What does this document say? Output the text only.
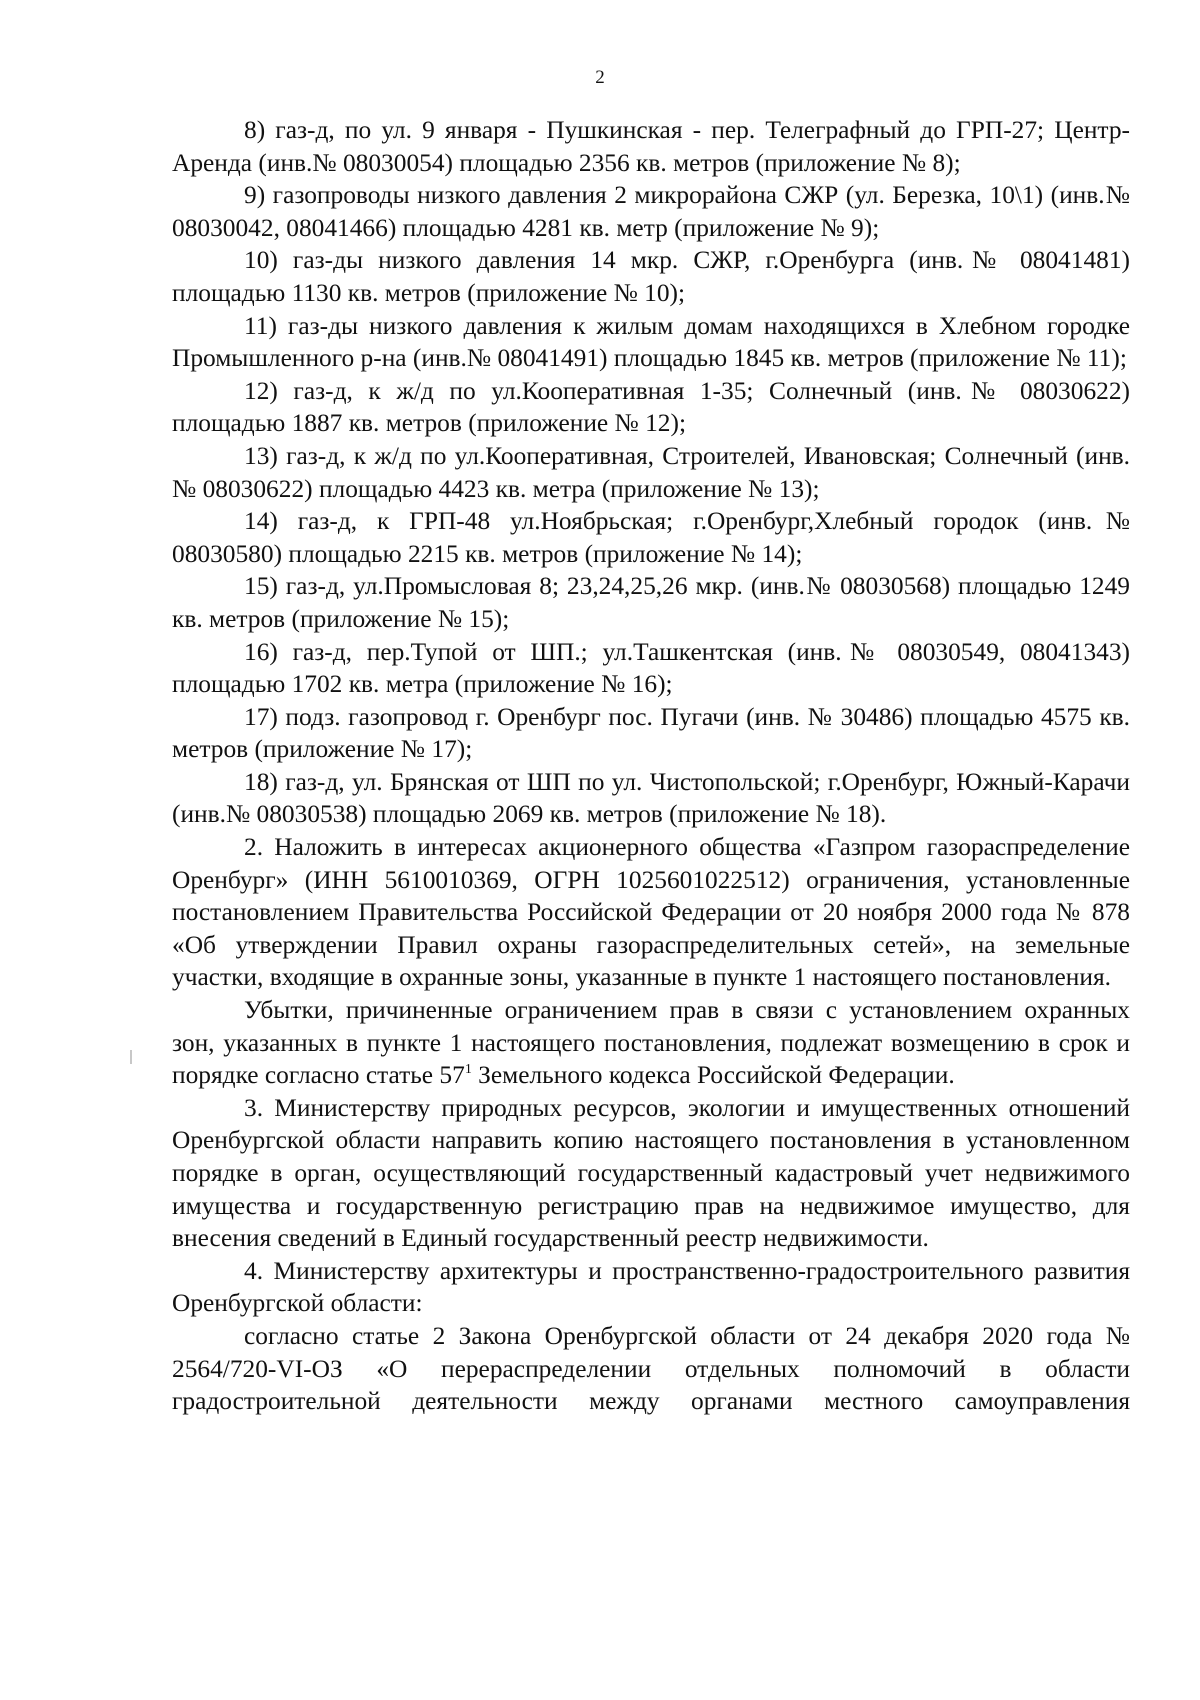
2

8) газ-д, по ул. 9 января - Пушкинская - пер. Телеграфный до ГРП-27; Центр-Аренда (инв.№ 08030054) площадью 2356 кв. метров (приложение № 8);

9) газопроводы низкого давления 2 микрорайона СЖР (ул. Березка, 10\1) (инв.№ 08030042, 08041466) площадью 4281 кв. метр (приложение № 9);

10) газ-ды низкого давления 14 мкр. СЖР, г.Оренбурга (инв.№ 08041481) площадью 1130 кв. метров (приложение № 10);

11) газ-ды низкого давления к жилым домам находящихся в Хлебном городке Промышленного р-на (инв.№ 08041491) площадью 1845 кв. метров (приложение № 11);

12) газ-д, к ж/д по ул.Кооперативная 1-35; Солнечный (инв.№ 08030622) площадью 1887 кв. метров (приложение № 12);

13) газ-д, к ж/д по ул.Кооперативная, Строителей, Ивановская; Солнечный (инв.№ 08030622) площадью 4423 кв. метра (приложение № 13);

14) газ-д, к ГРП-48 ул.Ноябрьская; г.Оренбург,Хлебный городок (инв.№ 08030580) площадью 2215 кв. метров (приложение № 14);

15) газ-д, ул.Промысловая 8; 23,24,25,26 мкр. (инв.№ 08030568) площадью 1249 кв. метров (приложение № 15);

16) газ-д, пер.Тупой от ШП.; ул.Ташкентская (инв.№ 08030549, 08041343) площадью 1702 кв. метра (приложение № 16);

17) подз. газопровод г. Оренбург пос. Пугачи (инв. № 30486) площадью 4575 кв. метров (приложение № 17);

18) газ-д, ул. Брянская от ШП по ул. Чистопольской; г.Оренбург, Южный-Карачи (инв.№ 08030538) площадью 2069 кв. метров (приложение № 18).

2. Наложить в интересах акционерного общества «Газпром газораспределение Оренбург» (ИНН 5610010369, ОГРН 1025601022512) ограничения, установленные постановлением Правительства Российской Федерации от 20 ноября 2000 года № 878 «Об утверждении Правил охраны газораспределительных сетей», на земельные участки, входящие в охранные зоны, указанные в пункте 1 настоящего постановления.

Убытки, причиненные ограничением прав в связи с установлением охранных зон, указанных в пункте 1 настоящего постановления, подлежат возмещению в срок и порядке согласно статье $57^1$ Земельного кодекса Российской Федерации.

3. Министерству природных ресурсов, экологии и имущественных отношений Оренбургской области направить копию настоящего постановления в установленном порядке в орган, осуществляющий государственный кадастровый учет недвижимого имущества и государственную регистрацию прав на недвижимое имущество, для внесения сведений в Единый государственный реестр недвижимости.

4. Министерству архитектуры и пространственно-градостроительного развития Оренбургской области:

согласно статье 2 Закона Оренбургской области от 24 декабря 2020 года № 2564/720-VI-ОЗ «О перераспределении отдельных полномочий в области градостроительной деятельности между органами местного самоуправления
